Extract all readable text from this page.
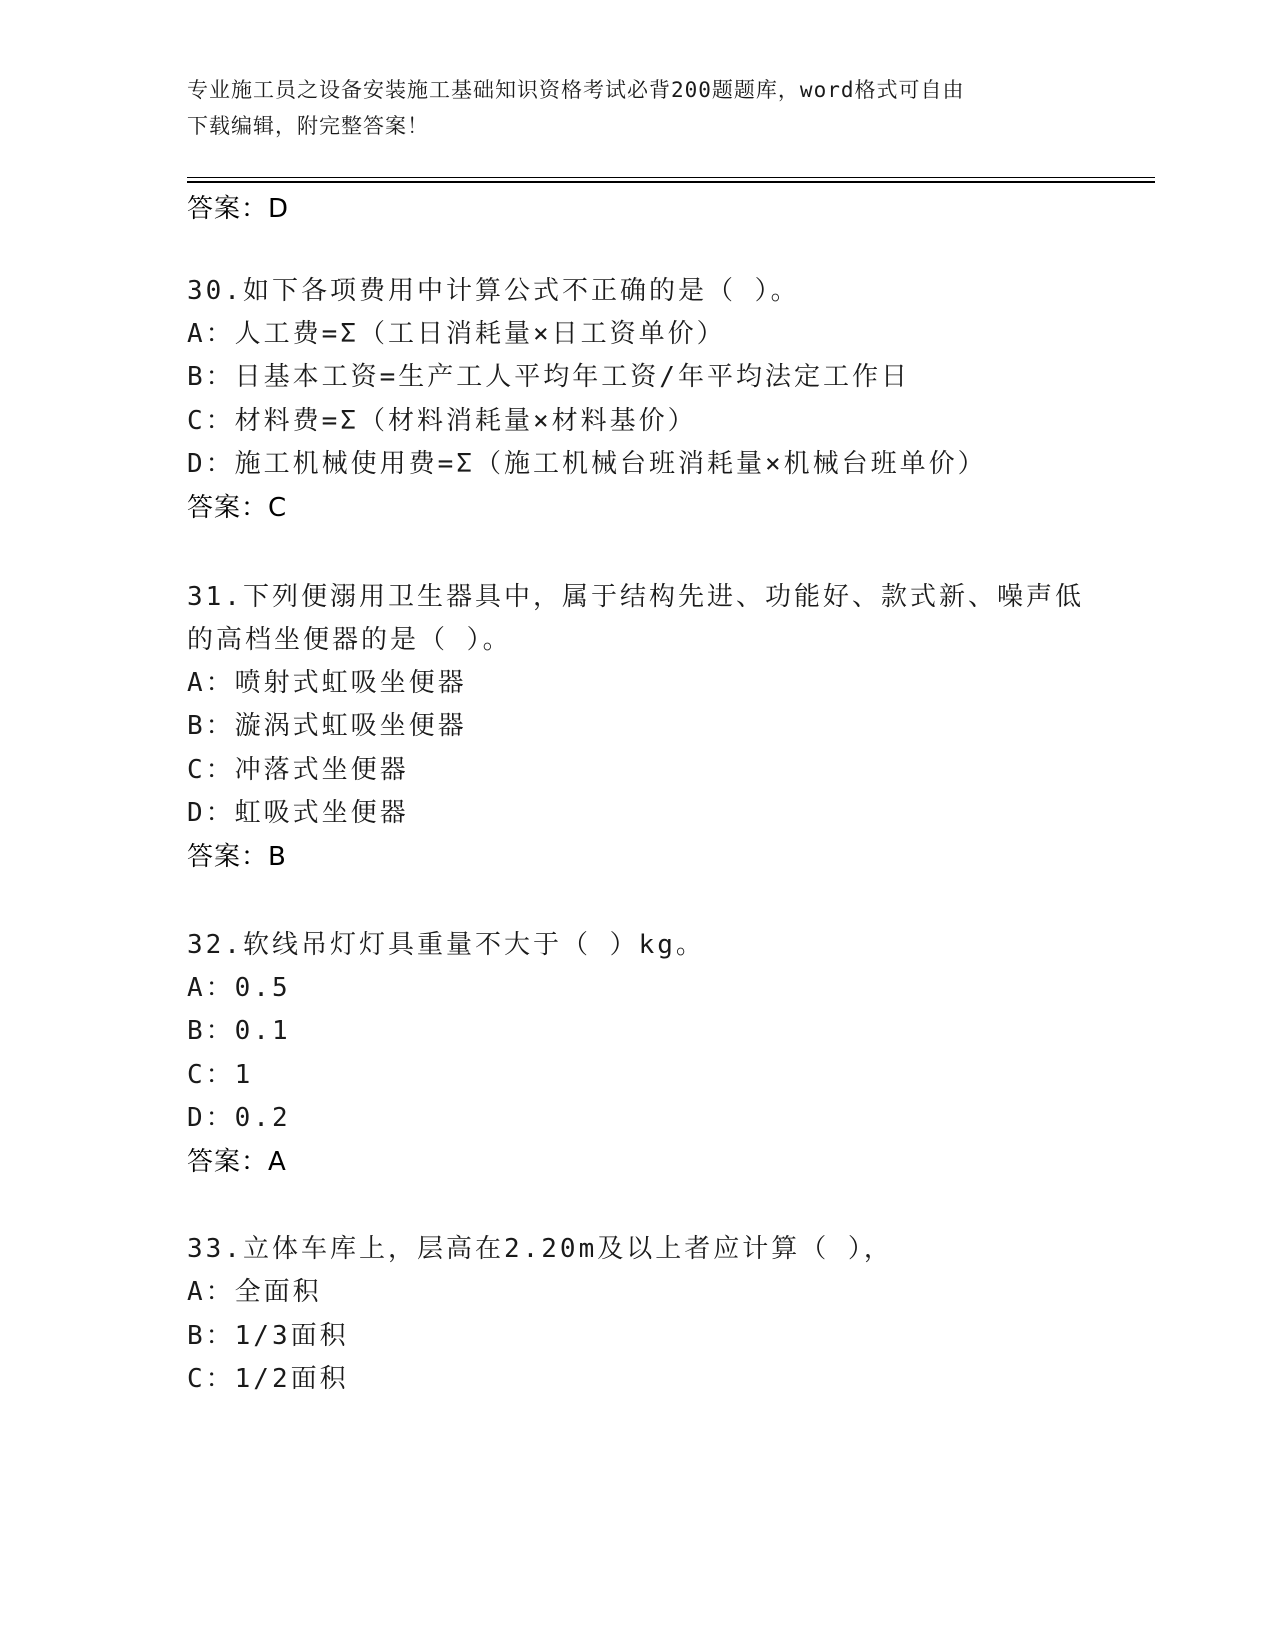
专业施工员之设备安装施工基础知识资格考试必背200题题库，word格式可自由
下载编辑，附完整答案！
答案：D
30.如下各项费用中计算公式不正确的是（ ）。
A：人工费=Σ（工日消耗量×日工资单价）
B：日基本工资=生产工人平均年工资/年平均法定工作日
C：材料费=Σ（材料消耗量×材料基价）
D：施工机械使用费=Σ（施工机械台班消耗量×机械台班单价）
答案：C
31.下列便溺用卫生器具中，属于结构先进、功能好、款式新、噪声低
的高档坐便器的是（ ）。
A：喷射式虹吸坐便器
B：漩涡式虹吸坐便器
C：冲落式坐便器
D：虹吸式坐便器
答案：B
32.软线吊灯灯具重量不大于（ ）kg。
A：0.5
B：0.1
C：1
D：0.2
答案：A
33.立体车库上，层高在2.20m及以上者应计算（ ），
A：全面积
B：1/3面积
C：1/2面积
